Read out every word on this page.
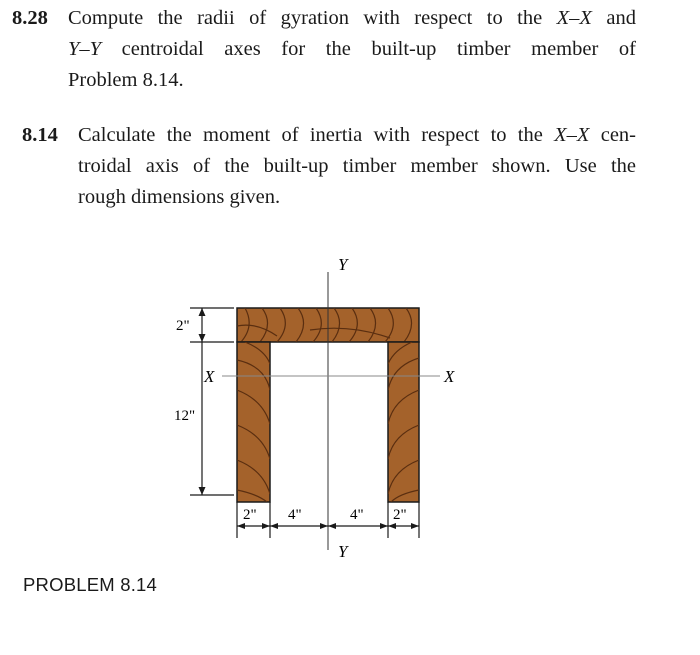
8.28 Compute the radii of gyration with respect to the X–X and
Y–Y centroidal axes for the built-up timber member of
Problem 8.14.
8.14 Calculate the moment of inertia with respect to the X–X cen-
troidal axis of the built-up timber member shown. Use the
rough dimensions given.
Y
Y
X	X
2"
12"
2" 4"	4" 2"
PROBLEM 8.14
